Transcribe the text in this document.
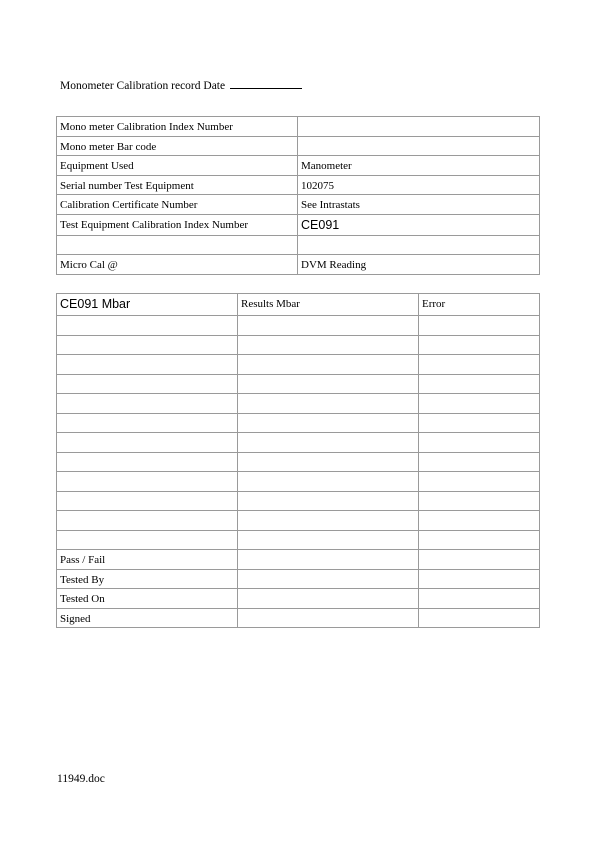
Monometer Calibration record Date
Mono meter Calibration Index Number	
Mono meter Bar code	
Equipment Used	Manometer
Serial number Test Equipment	102075
Calibration Certificate Number	See Intrastats
Test Equipment Calibration Index Number	CE091

Micro Cal @	DVM Reading
CE091 Mbar	Results Mbar	Error

Pass / Fail		
Tested By		
Tested On		
Signed		
11949.doc
